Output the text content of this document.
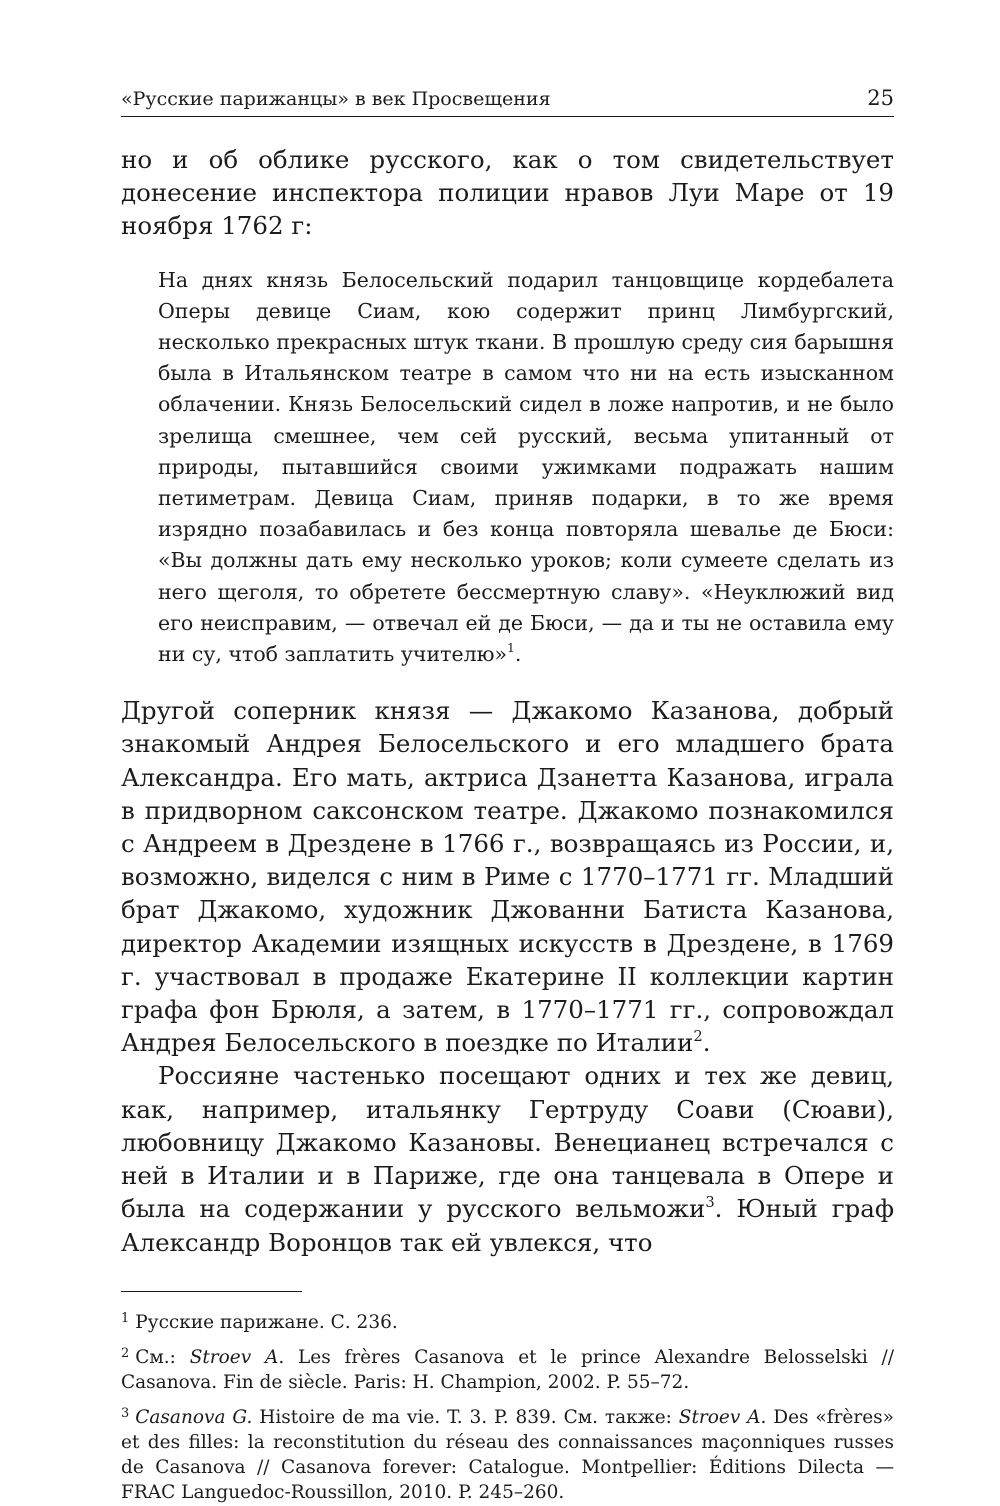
«Русские парижанцы» в век Просвещения	25

но и об облике русского, как о том свидетельствует донесение инспектора полиции нравов Луи Маре от 19 ноября 1762 г:

На днях князь Белосельский подарил танцовщице кордебалета Оперы девице Сиам, кою содержит принц Лимбургский, несколько прекрасных штук ткани. В прошлую среду сия барышня была в Итальянском театре в самом что ни на есть изысканном облачении. Князь Белосельский сидел в ложе напротив, и не было зрелища смешнее, чем сей русский, весьма упитанный от природы, пытавшийся своими ужимками подражать нашим петиметрам. Девица Сиам, приняв подарки, в то же время изрядно позабавилась и без конца повторяла шевалье де Бюси: «Вы должны дать ему несколько уроков; коли сумеете сделать из него щеголя, то обретете бессмертную славу». «Неуклюжий вид его неисправим, — отвечал ей де Бюси, — да и ты не оставила ему ни су, чтоб заплатить учителю»$^1$.

Другой соперник князя — Джакомо Казанова, добрый знакомый Андрея Белосельского и его младшего брата Александра. Его мать, актриса Дзанетта Казанова, играла в придворном саксонском театре. Джакомо познакомился с Андреем в Дрездене в 1766 г., возвращаясь из России, и, возможно, виделся с ним в Риме с 1770–1771 гг. Младший брат Джакомо, художник Джованни Батиста Казанова, директор Академии изящных искусств в Дрездене, в 1769 г. участвовал в продаже Екатерине II коллекции картин графа фон Брюля, а затем, в 1770–1771 гг., сопровождал Андрея Белосельского в поездке по Италии$^2$.

Россияне частенько посещают одних и тех же девиц, как, например, итальянку Гертруду Соави (Сюави), любовницу Джакомо Казановы. Венецианец встречался с ней в Италии и в Париже, где она танцевала в Опере и была на содержании у русского вельможи$^3$. Юный граф Александр Воронцов так ей увлекся, что

$^1$ Русские парижане. С. 236.

$^2$ См.: Stroev A. Les frères Casanova et le prince Alexandre Belosselski // Casanova. Fin de siècle. Paris: H. Champion, 2002. P. 55–72.

$^3$ Casanova G. Histoire de ma vie. T. 3. P. 839. См. также: Stroev A. Des «frères» et des filles: la reconstitution du réseau des connaissances maçonniques russes de Casanova // Casanova forever: Catalogue. Montpellier: Éditions Dilecta — FRAC Languedoc-Roussillon, 2010. P. 245–260.
